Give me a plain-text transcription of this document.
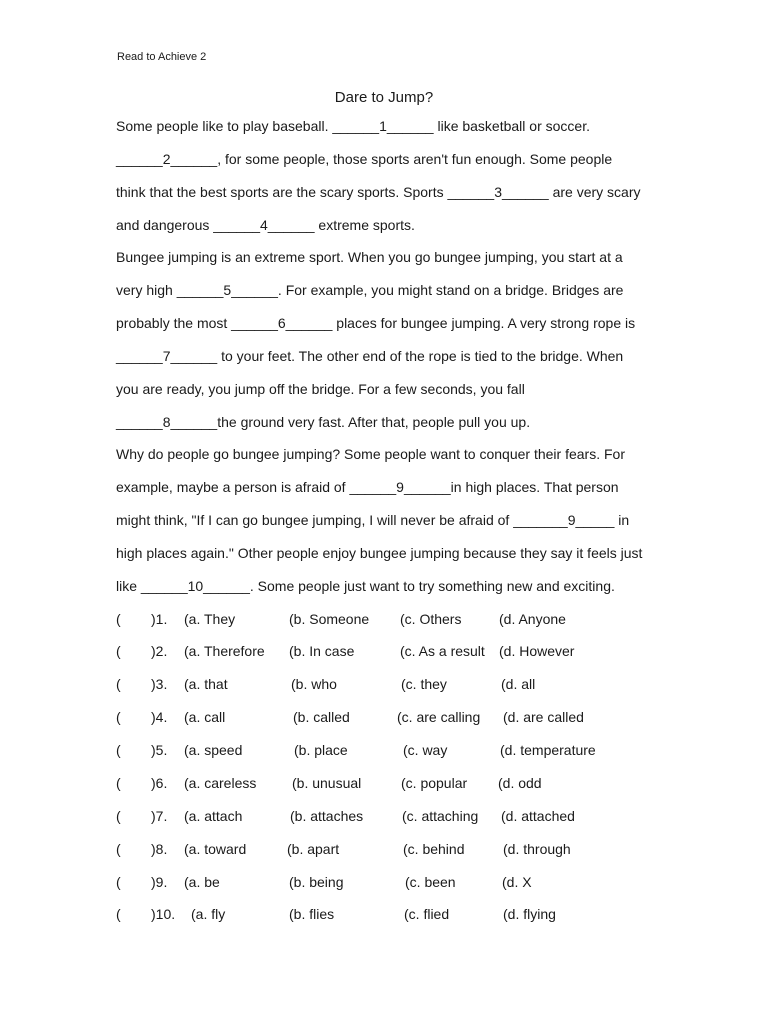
Read to Achieve 2
Dare to Jump?
Some people like to play baseball. ______1______ like basketball or soccer.
______2______, for some people, those sports aren't fun enough. Some people
think that the best sports are the scary sports. Sports ______3______ are very scary
and dangerous ______4______ extreme sports.
Bungee jumping is an extreme sport. When you go bungee jumping, you start at a
very high ______5______. For example, you might stand on a bridge. Bridges are
probably the most ______6______ places for bungee jumping. A very strong rope is
______7______ to your feet. The other end of the rope is tied to the bridge. When
you are ready, you jump off the bridge. For a few seconds, you fall
______8______the ground very fast. After that, people pull you up.
Why do people go bungee jumping? Some people want to conquer their fears. For
example, maybe a person is afraid of ______9______in high places. That person
might think, "If I can go bungee jumping, I will never be afraid of _______9_____ in
high places again." Other people enjoy bungee jumping because they say it feels just
like ______10______. Some people just want to try something new and exciting.
( )1. (a. They	(b. Someone (c. Others	(d. Anyone
( )2. (a. Therefore (b. In case	(c. As a result (d. However
( )3. (a. that	(b. who	(c. they	(d. all
( )4. (a. call	(b. called	(c. are calling (d. are called
( )5. (a. speed	(b. place	(c. way	(d. temperature
( )6. (a. careless	(b. unusual	(c. popular (d. odd
( )7. (a. attach	(b. attaches	(c. attaching (d. attached
( )8. (a. toward	(b. apart	(c. behind	(d. through
( )9. (a. be	(b. being	(c. been	(d. X
( )10. (a. fly	(b. flies	(c. flied	(d. flying
